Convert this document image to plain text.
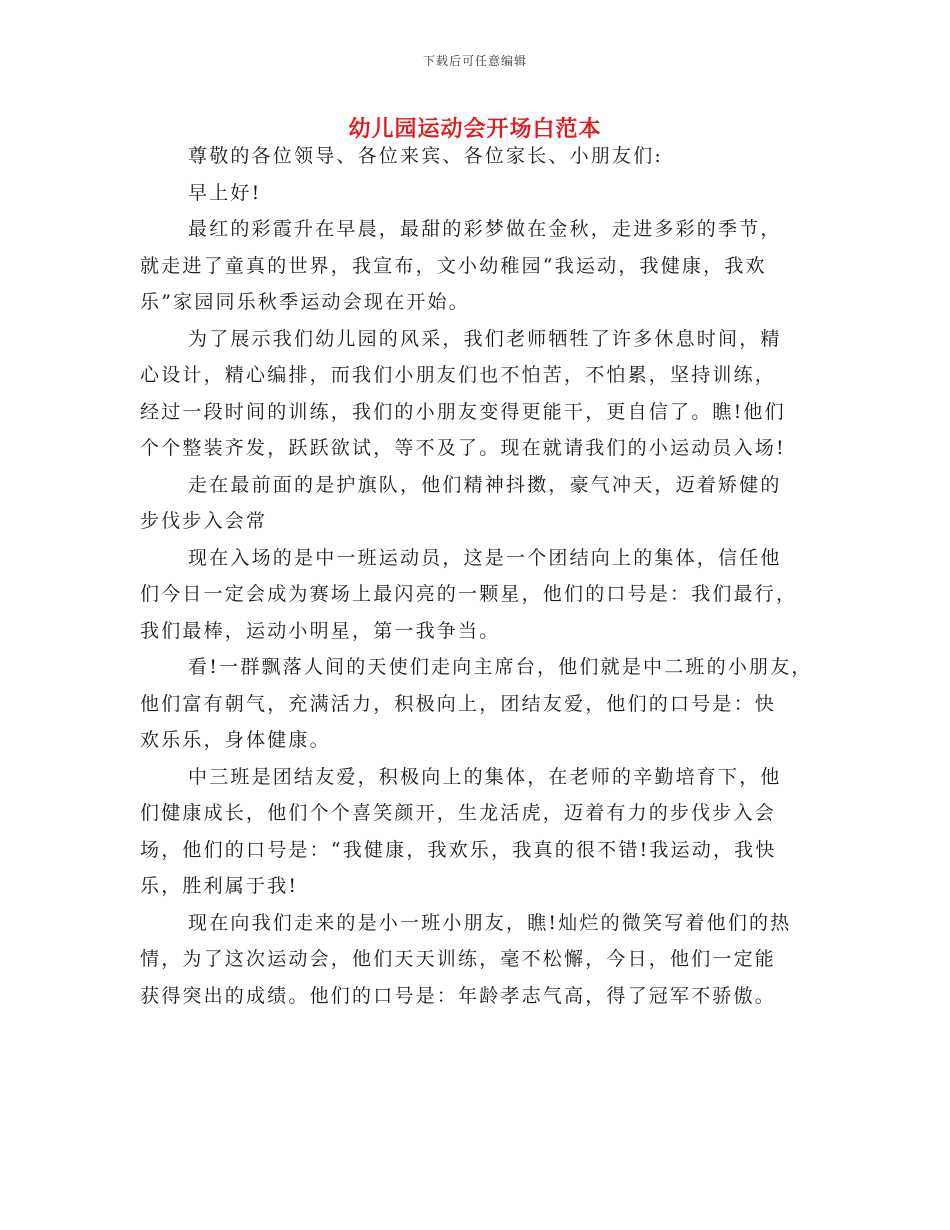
下载后可任意编辑
幼儿园运动会开场白范本

尊敬的各位领导、各位来宾、各位家长、小朋友们:

早上好!

最红的彩霞升在早晨，最甜的彩梦做在金秋，走进多彩的季节，
就走进了童真的世界，我宣布，文小幼稚园“我运动，我健康，我欢
乐”家园同乐秋季运动会现在开始。

为了展示我们幼儿园的风采，我们老师牺牲了许多休息时间，精
心设计，精心编排，而我们小朋友们也不怕苦，不怕累，坚持训练，
经过一段时间的训练，我们的小朋友变得更能干，更自信了。瞧!他们
个个整装齐发，跃跃欲试，等不及了。现在就请我们的小运动员入场!

走在最前面的是护旗队，他们精神抖擞，豪气冲天，迈着矫健的
步伐步入会常

现在入场的是中一班运动员，这是一个团结向上的集体，信任他
们今日一定会成为赛场上最闪亮的一颗星，他们的口号是：我们最行，
我们最棒，运动小明星，第一我争当。

看!一群飘落人间的天使们走向主席台，他们就是中二班的小朋友，
他们富有朝气，充满活力，积极向上，团结友爱，他们的口号是：快
欢乐乐，身体健康。

中三班是团结友爱，积极向上的集体，在老师的辛勤培育下，他
们健康成长，他们个个喜笑颜开，生龙活虎，迈着有力的步伐步入会
场，他们的口号是：“我健康，我欢乐，我真的很不错!我运动，我快
乐，胜利属于我!

现在向我们走来的是小一班小朋友，瞧!灿烂的微笑写着他们的热
情，为了这次运动会，他们天天训练，毫不松懈，今日，他们一定能
获得突出的成绩。他们的口号是：年龄孝志气高，得了冠军不骄傲。
